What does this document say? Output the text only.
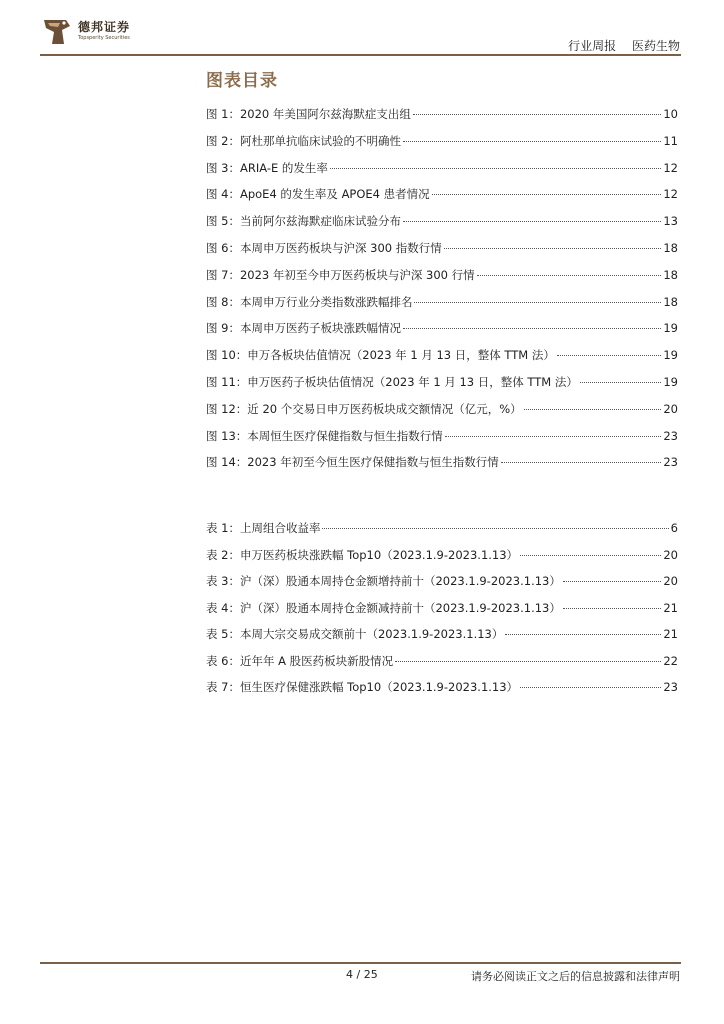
德邦证券
Topsperity Securities
行业周报 医药生物
图表目录
图 1：2020 年美国阿尔兹海默症支出组	10
图 2：阿杜那单抗临床试验的不明确性	11
图 3：ARIA-E 的发生率	12
图 4：ApoE4 的发生率及 APOE4 患者情况	12
图 5：当前阿尔兹海默症临床试验分布	13
图 6：本周申万医药板块与沪深 300 指数行情	18
图 7：2023 年初至今申万医药板块与沪深 300 行情	18
图 8：本周申万行业分类指数涨跌幅排名	18
图 9：本周申万医药子板块涨跌幅情况	19
图 10：申万各板块估值情况（2023 年 1 月 13 日，整体 TTM 法）	19
图 11：申万医药子板块估值情况（2023 年 1 月 13 日，整体 TTM 法）	19
图 12：近 20 个交易日申万医药板块成交额情况（亿元，%）	20
图 13：本周恒生医疗保健指数与恒生指数行情	23
图 14：2023 年初至今恒生医疗保健指数与恒生指数行情	23
表 1：上周组合收益率	6
表 2：申万医药板块涨跌幅 Top10（2023.1.9-2023.1.13）	20
表 3：沪（深）股通本周持仓金额增持前十（2023.1.9-2023.1.13）	20
表 4：沪（深）股通本周持仓金额减持前十（2023.1.9-2023.1.13）	21
表 5：本周大宗交易成交额前十（2023.1.9-2023.1.13）	21
表 6：近年年 A 股医药板块新股情况	22
表 7：恒生医疗保健涨跌幅 Top10（2023.1.9-2023.1.13）	23
4 / 25	请务必阅读正文之后的信息披露和法律声明
